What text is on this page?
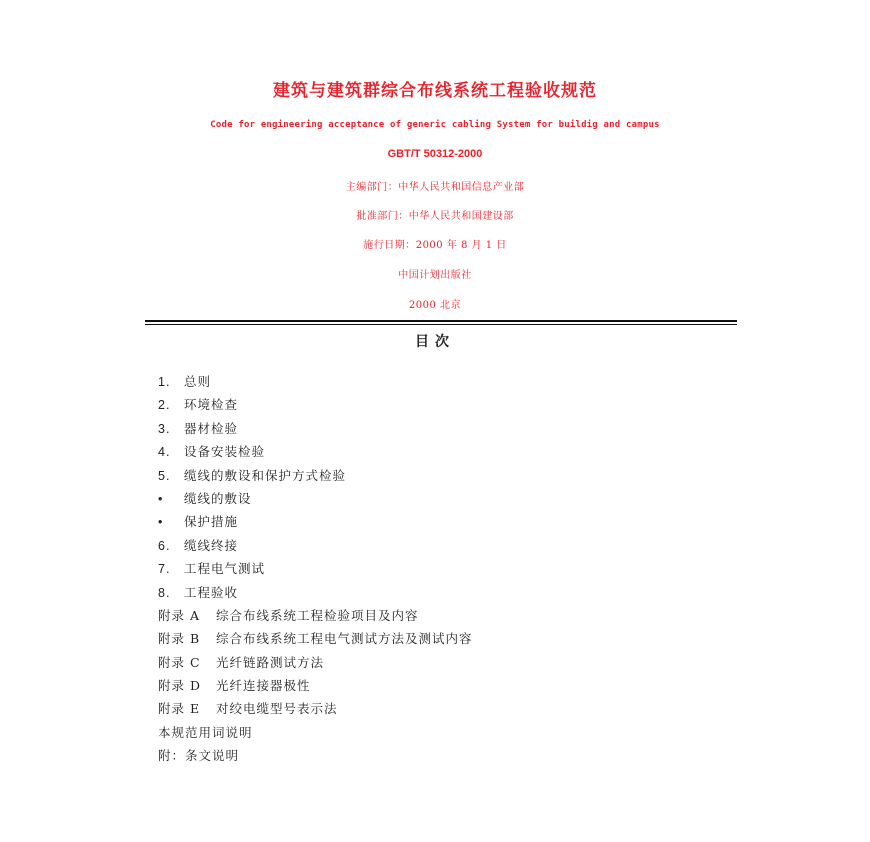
建筑与建筑群综合布线系统工程验收规范
Code for engineering acceptance of generic cabling System for buildig and campus
GBT/T 50312-2000
主编部门：中华人民共和国信息产业部
批准部门：中华人民共和国建设部
施行日期：2000 年 8 月 1 日
中国计划出版社
2000 北京
目次
1. 总则
2. 环境检查
3. 器材检验
4. 设备安装检验
5. 缆线的敷设和保护方式检验
• 缆线的敷设
• 保护措施
6. 缆线终接
7. 工程电气测试
8. 工程验收
附录 A 综合布线系统工程检验项目及内容
附录 B 综合布线系统工程电气测试方法及测试内容
附录 C 光纤链路测试方法
附录 D 光纤连接器极性
附录 E 对绞电缆型号表示法
本规范用词说明
附：条文说明
